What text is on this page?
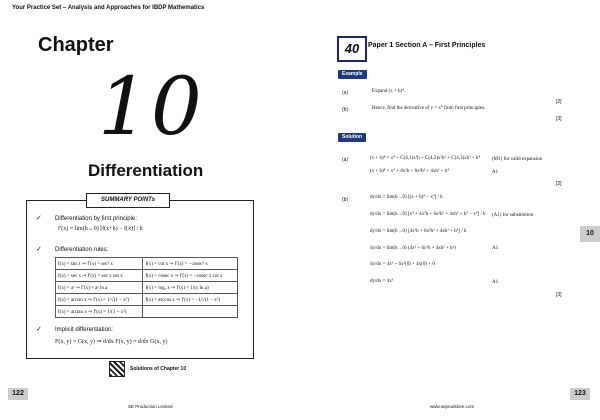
Your Practice Set – Analysis and Approaches for IBDP Mathematics
Chapter
10
Differentiation
SUMMARY POINTs
✓ Differentiation by first principle:
f′(x) = lim(h→0) [f(x+h) − f(x)] / h
✓ Differentiation rules:
f(x) = tan x ⇒ f′(x) = sec² x	f(x) = cot x ⇒ f′(x) = −cosec² x
f(x) = sec x ⇒ f′(x) = sec x tan x	f(x) = cosec x ⇒ f′(x) = −cosec x cot x
f(x) = aˣ ⇒ f′(x) = aˣ ln a	f(x) = logₐ x ⇒ f′(x) = 1/(x ln a)
f(x) = arcsin x ⇒ f′(x) = 1/√(1 − x²)	f(x) = arccos x ⇒ f′(x) = −1/√(1 − x²)
f(x) = arctan x ⇒ f′(x) = 1/(1 + x²)	
✓ Implicit differentiation:
F(x, y) = G(x, y) ⇒ d/dx F(x, y) = d/dx G(x, y)
Solutions of Chapter 10
122
SE Production Limited
40	Paper 1 Section A – First Principles
Example
(a)	Expand (x + h)⁴.
[2]
(b)	Hence, find the derivative of y = x⁴ from first principles.
[3]
Solution
(a)	(x + h)⁴ = x⁴ + C(4,1)x³h + C(4,2)x²h² + C(4,3)xh³ + h⁴ (M1) for valid expansion
(x + h)⁴ = x⁴ + 4x³h + 6x²h² + 4xh³ + h⁴	A1
[2]
(b)	dy/dx = lim(h→0) [(x + h)⁴ − x⁴] / h
dy/dx = lim(h→0) [x⁴ + 4x³h + 6x²h² + 4xh³ + h⁴ − x⁴] / h (A1) for substitution
dy/dx = lim(h→0) [4x³h + 6x²h² + 4xh³ + h⁴] / h
dy/dx = lim(h→0) (4x³ + 6x²h + 4xh² + h³)	A1
dy/dx = 4x³ + 6x²(0) + 4x(0) + 0
dy/dx = 4x³	A1
[3]
10
123
www.seprodstore.com
